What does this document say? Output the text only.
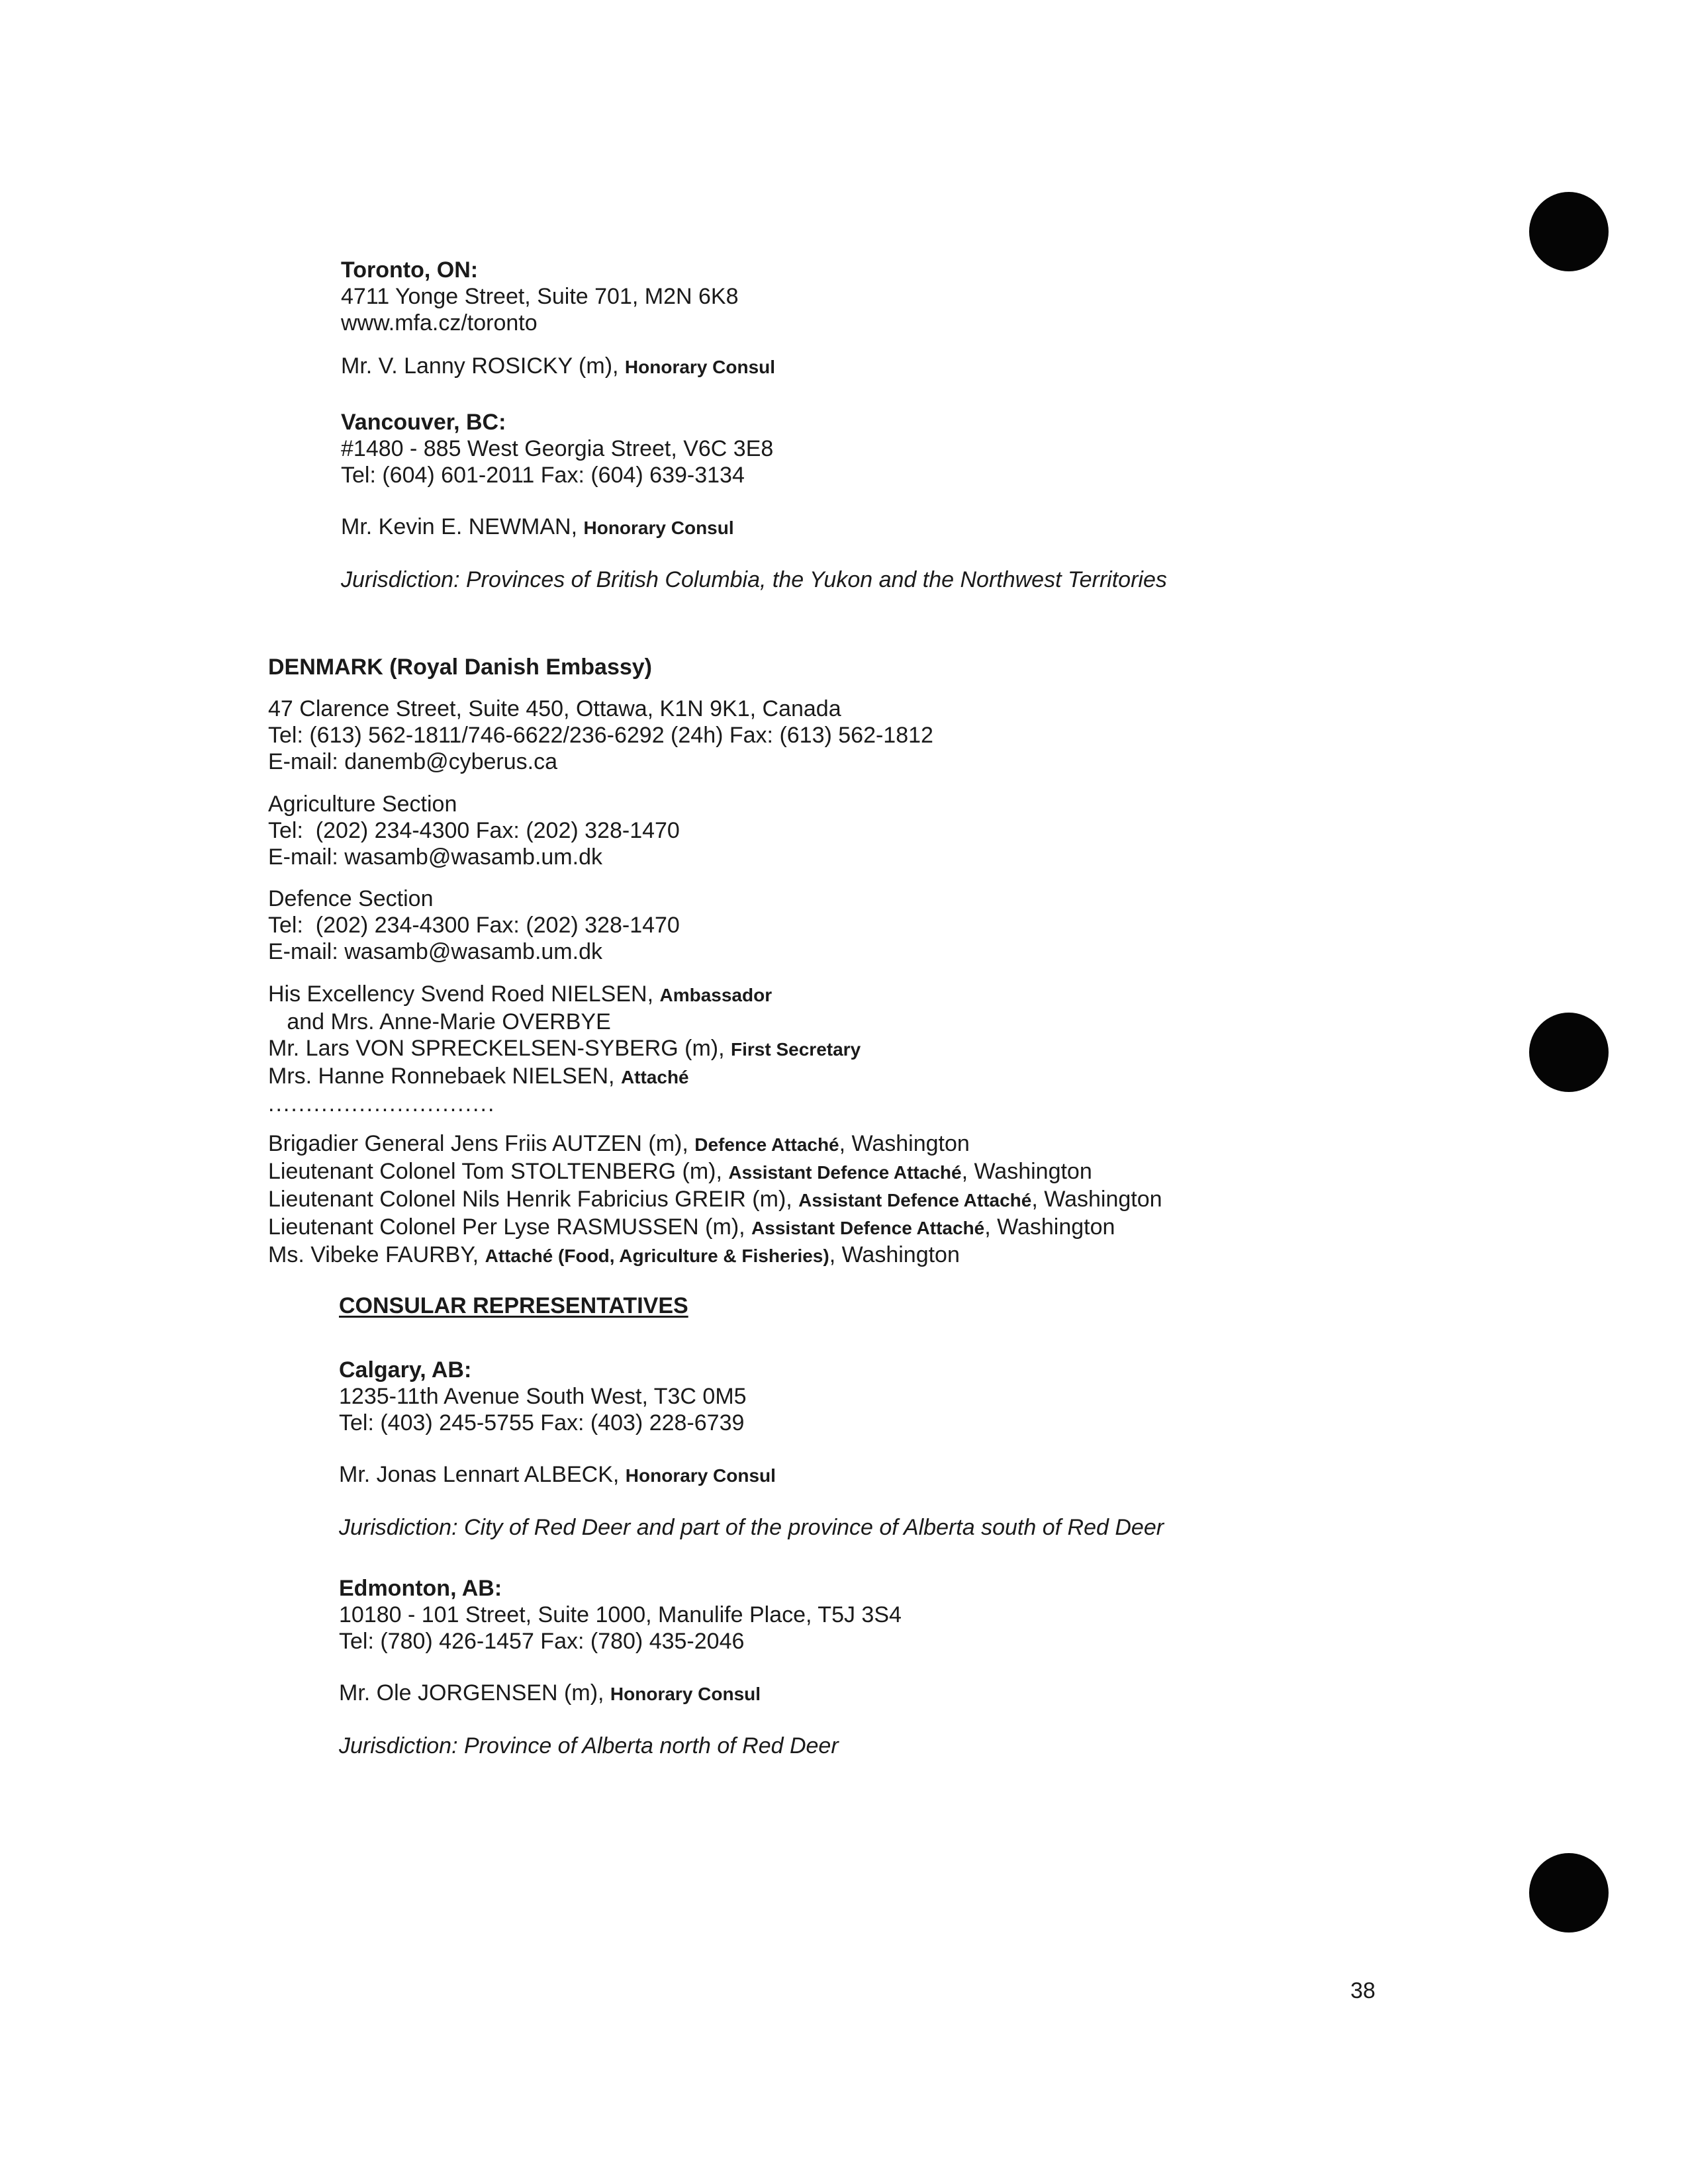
Toronto, ON:
4711 Yonge Street, Suite 701, M2N 6K8
www.mfa.cz/toronto
Mr. V. Lanny ROSICKY (m), Honorary Consul
Vancouver, BC:
#1480 - 885 West Georgia Street, V6C 3E8
Tel: (604) 601-2011 Fax: (604) 639-3134
Mr. Kevin E. NEWMAN, Honorary Consul
Jurisdiction: Provinces of British Columbia, the Yukon and the Northwest Territories
DENMARK (Royal Danish Embassy)
47 Clarence Street, Suite 450, Ottawa, K1N 9K1, Canada
Tel: (613) 562-1811/746-6622/236-6292 (24h) Fax: (613) 562-1812
E-mail: danemb@cyberus.ca
Agriculture Section
Tel:  (202) 234-4300 Fax: (202) 328-1470
E-mail: wasamb@wasamb.um.dk
Defence Section
Tel:  (202) 234-4300 Fax: (202) 328-1470
E-mail: wasamb@wasamb.um.dk
His Excellency Svend Roed NIELSEN, Ambassador
and Mrs. Anne-Marie OVERBYE
Mr. Lars VON SPRECKELSEN-SYBERG (m), First Secretary
Mrs. Hanne Ronnebaek NIELSEN, Attaché
..............................
Brigadier General Jens Friis AUTZEN (m), Defence Attaché, Washington
Lieutenant Colonel Tom STOLTENBERG (m), Assistant Defence Attaché, Washington
Lieutenant Colonel Nils Henrik Fabricius GREIR (m), Assistant Defence Attaché, Washington
Lieutenant Colonel Per Lyse RASMUSSEN (m), Assistant Defence Attaché, Washington
Ms. Vibeke FAURBY, Attaché (Food, Agriculture & Fisheries), Washington
CONSULAR REPRESENTATIVES
Calgary, AB:
1235-11th Avenue South West, T3C 0M5
Tel: (403) 245-5755 Fax: (403) 228-6739
Mr. Jonas Lennart ALBECK, Honorary Consul
Jurisdiction: City of Red Deer and part of the province of Alberta south of Red Deer
Edmonton, AB:
10180 - 101 Street, Suite 1000, Manulife Place, T5J 3S4
Tel: (780) 426-1457 Fax: (780) 435-2046
Mr. Ole JORGENSEN (m), Honorary Consul
Jurisdiction: Province of Alberta north of Red Deer
38
